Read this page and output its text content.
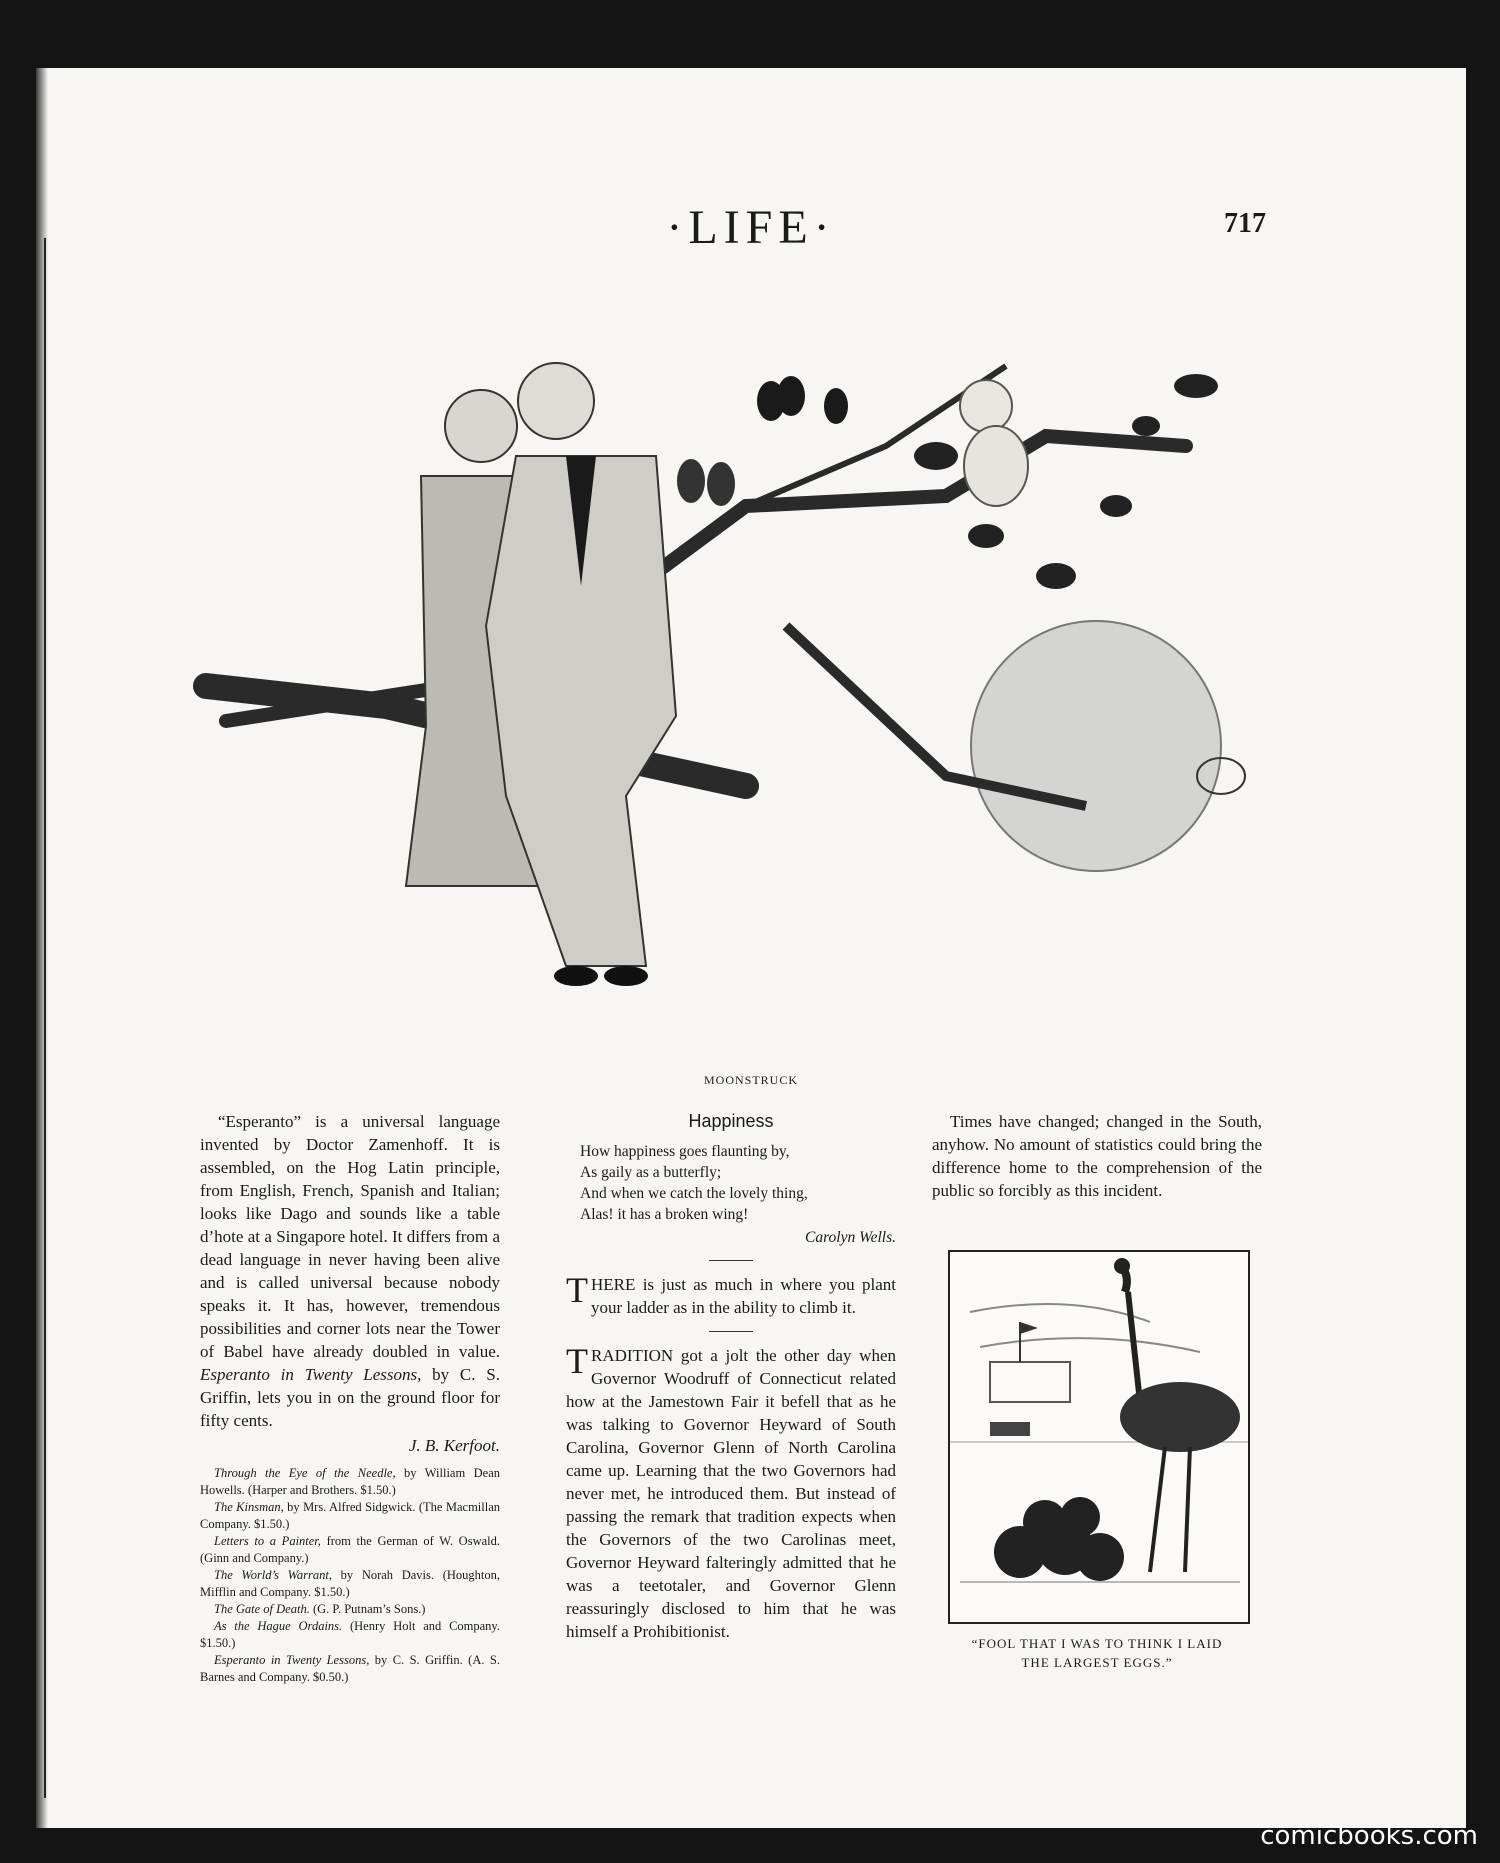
·LIFE·	717
MOONSTRUCK

“Esperanto” is a universal language invented by Doctor Zamenhoff. It is assembled, on the Hog Latin principle, from English, French, Spanish and Italian; looks like Dago and sounds like a table d’hote at a Singapore hotel. It differs from a dead language in never having been alive and is called universal because nobody speaks it. It has, however, tremendous possibilities and corner lots near the Tower of Babel have already doubled in value. Esperanto in Twenty Lessons, by C. S. Griffin, lets you in on the ground floor for fifty cents.

J. B. Kerfoot.

Through the Eye of the Needle, by William Dean Howells. (Harper and Brothers. $1.50.)

The Kinsman, by Mrs. Alfred Sidgwick. (The Macmillan Company. $1.50.)

Letters to a Painter, from the German of W. Oswald. (Ginn and Company.)

The World’s Warrant, by Norah Davis. (Houghton, Mifflin and Company. $1.50.)

The Gate of Death. (G. P. Putnam’s Sons.)

As the Hague Ordains. (Henry Holt and Company. $1.50.)

Esperanto in Twenty Lessons, by C. S. Griffin. (A. S. Barnes and Company. $0.50.)

Happiness
How happiness goes flaunting by,
As gaily as a butterfly;
And when we catch the lovely thing,
Alas! it has a broken wing!
Carolyn Wells.

THERE is just as much in where you plant your ladder as in the ability to climb it.

TRADITION got a jolt the other day when Governor Woodruff of Connecticut related how at the Jamestown Fair it befell that as he was talking to Governor Heyward of South Carolina, Governor Glenn of North Carolina came up. Learning that the two Governors had never met, he introduced them. But instead of passing the remark that tradition expects when the Governors of the two Carolinas meet, Governor Heyward falteringly admitted that he was a teetotaler, and Governor Glenn reassuringly disclosed to him that he was himself a Prohibitionist.

Times have changed; changed in the South, anyhow. No amount of statistics could bring the difference home to the comprehension of the public so forcibly as this incident.

“FOOL THAT I WAS TO THINK I LAID
THE LARGEST EGGS.”
comicbooks.com
